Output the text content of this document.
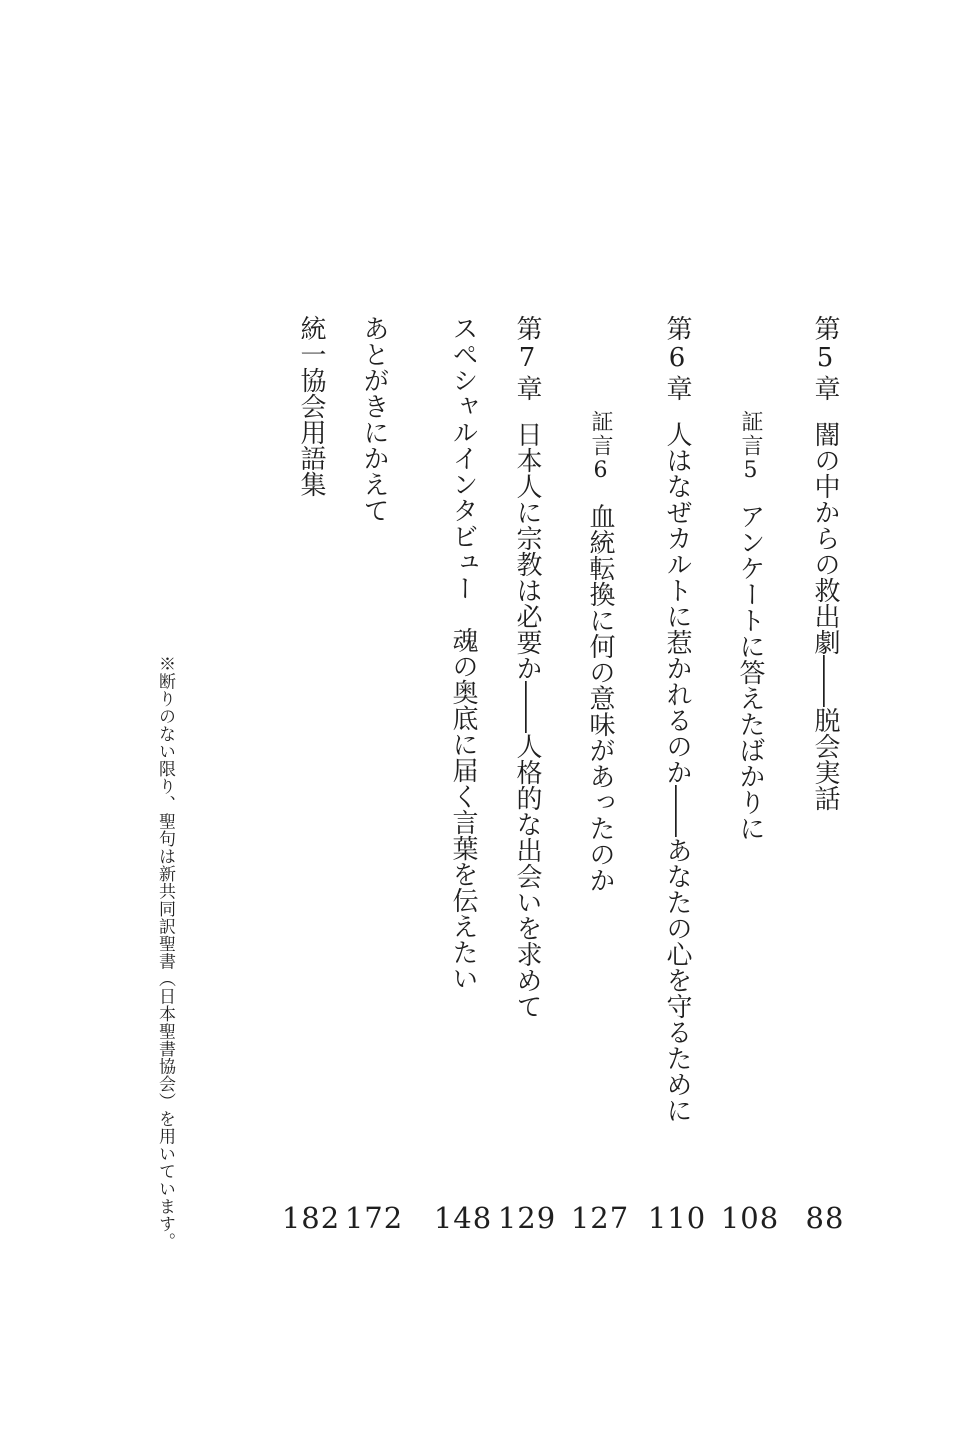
第5章闇の中からの救出劇――脱会実話
証言5アンケートに答えたばかりに
第6章人はなぜカルトに惹かれるのか――あなたの心を守るために
証言6血統転換に何の意味があったのか
第7章日本人に宗教は必要か――人格的な出会いを求めて
スペシャルインタビュー　魂の奥底に届く言葉を伝えたい
あとがきにかえて
統一協会用語集
88
108
110
127
129
148
172
182
※断りのない限り、聖句は新共同訳聖書（日本聖書協会）を用いています。
